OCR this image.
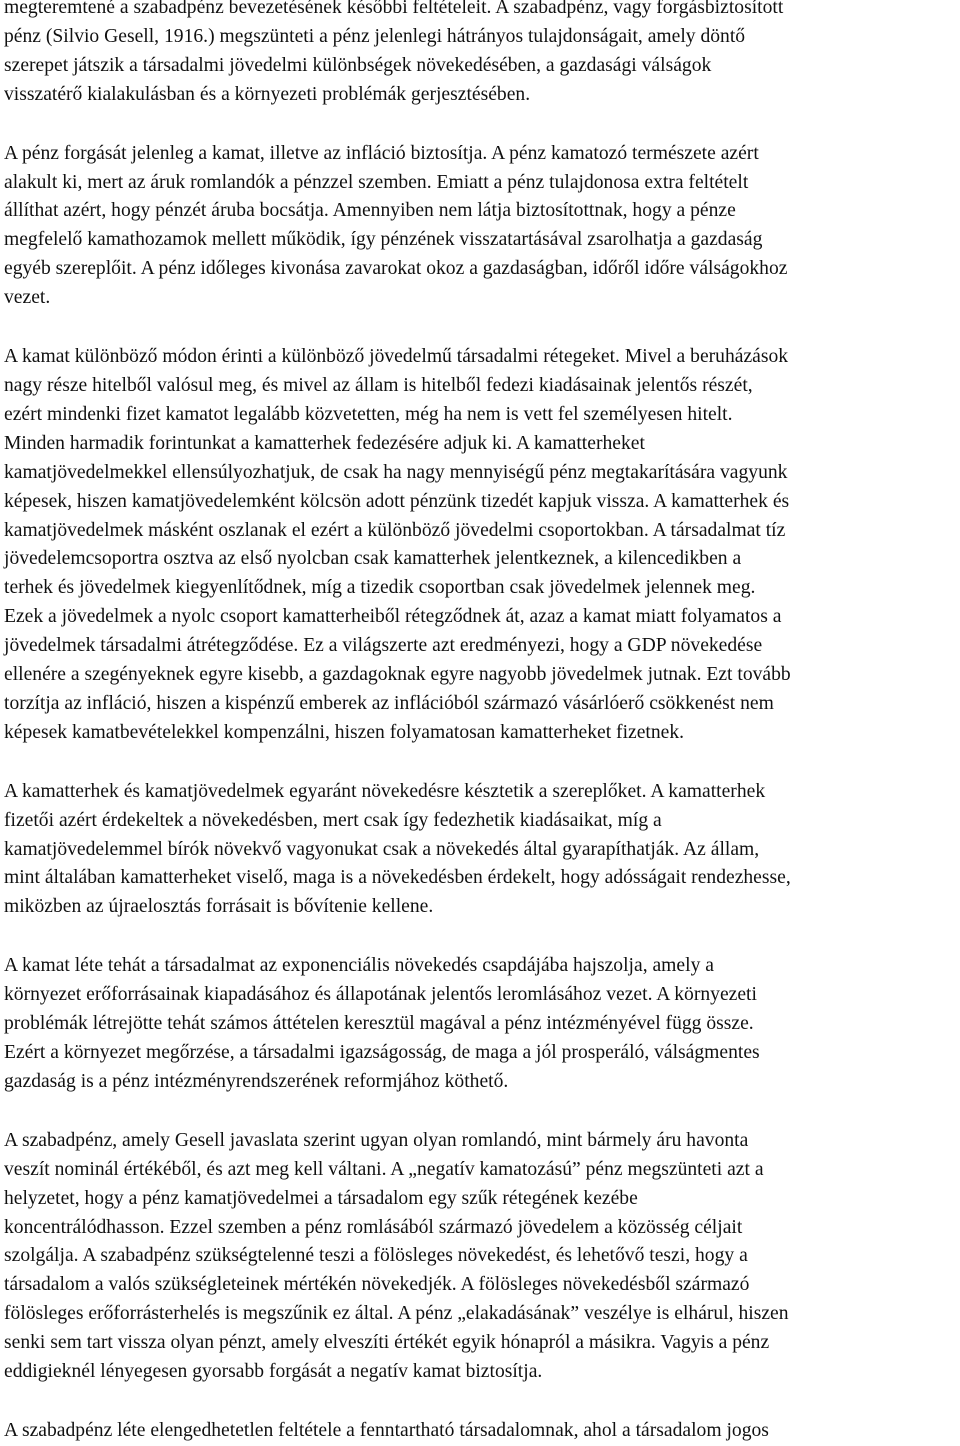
megteremtené a szabadpénz bevezetésének későbbi feltételeit. A szabadpénz, vagy forgásbiztosított
pénz (Silvio Gesell, 1916.) megszünteti a pénz jelenlegi hátrányos tulajdonságait, amely döntő
szerepet játszik a társadalmi jövedelmi különbségek növekedésében, a gazdasági válságok
visszatérő kialakulásban és a környezeti problémák gerjesztésében.

A pénz forgását jelenleg a kamat, illetve az infláció biztosítja. A pénz kamatozó természete azért
alakult ki, mert az áruk romlandók a pénzzel szemben. Emiatt a pénz tulajdonosa extra feltételt
állíthat azért, hogy pénzét áruba bocsátja. Amennyiben nem látja biztosítottnak, hogy a pénze
megfelelő kamathozamok mellett működik, így pénzének visszatartásával zsarolhatja a gazdaság
egyéb szereplőit. A pénz időleges kivonása zavarokat okoz a gazdaságban, időről időre válságokhoz
vezet.

A kamat különböző módon érinti a különböző jövedelmű társadalmi rétegeket. Mivel a beruházások
nagy része hitelből valósul meg, és mivel az állam is hitelből fedezi kiadásainak jelentős részét,
ezért mindenki fizet kamatot legalább közvetetten, még ha nem is vett fel személyesen hitelt.
Minden harmadik forintunkat a kamatterhek fedezésére adjuk ki. A kamatterheket
kamatjövedelmekkel ellensúlyozhatjuk, de csak ha nagy mennyiségű pénz megtakarítására vagyunk
képesek, hiszen kamatjövedelemként kölcsön adott pénzünk tizedét kapjuk vissza. A kamatterhek és
kamatjövedelmek másként oszlanak el ezért a különböző jövedelmi csoportokban. A társadalmat tíz
jövedelemcsoportra osztva az első nyolcban csak kamatterhek jelentkeznek, a kilencedikben a
terhek és jövedelmek kiegyenlítődnek, míg a tizedik csoportban csak jövedelmek jelennek meg.
Ezek a jövedelmek a nyolc csoport kamatterheiből rétegződnek át, azaz a kamat miatt folyamatos a
jövedelmek társadalmi átrétegződése. Ez a világszerte azt eredményezi, hogy a GDP növekedése
ellenére a szegényeknek egyre kisebb, a gazdagoknak egyre nagyobb jövedelmek jutnak. Ezt tovább
torzítja az infláció, hiszen a kispénzű emberek az inflációból származó vásárlóerő csökkenést nem
képesek kamatbevételekkel kompenzálni, hiszen folyamatosan kamatterheket fizetnek.

A kamatterhek és kamatjövedelmek egyaránt növekedésre késztetik a szereplőket. A kamatterhek
fizetői azért érdekeltek a növekedésben, mert csak így fedezhetik kiadásaikat, míg a
kamatjövedelemmel bírók növekvő vagyonukat csak a növekedés által gyarapíthatják. Az állam,
mint általában kamatterheket viselő, maga is a növekedésben érdekelt, hogy adósságait rendezhesse,
miközben az újraelosztás forrásait is bővítenie kellene.

A kamat léte tehát a társadalmat az exponenciális növekedés csapdájába hajszolja, amely a
környezet erőforrásainak kiapadásához és állapotának jelentős leromlásához vezet. A környezeti
problémák létrejötte tehát számos áttételen keresztül magával a pénz intézményével függ össze.
Ezért a környezet megőrzése, a társadalmi igazságosság, de maga a jól prosperáló, válságmentes
gazdaság is a pénz intézményrendszerének reformjához köthető.

A szabadpénz, amely Gesell javaslata szerint ugyan olyan romlandó, mint bármely áru havonta
veszít nominál értékéből, és azt meg kell váltani. A „negatív kamatozású” pénz megszünteti azt a
helyzetet, hogy a pénz kamatjövedelmei a társadalom egy szűk rétegének kezébe
koncentrálódhasson. Ezzel szemben a pénz romlásából származó jövedelem a közösség céljait
szolgálja. A szabadpénz szükségtelenné teszi a fölösleges növekedést, és lehetővő teszi, hogy a
társadalom a valós szükségleteinek mértékén növekedjék. A fölösleges növekedésből származó
fölösleges erőforrásterhelés is megszűnik ez által. A pénz „elakadásának” veszélye is elhárul, hiszen
senki sem tart vissza olyan pénzt, amely elveszíti értékét egyik hónapról a másikra. Vagyis a pénz
eddigieknél lényegesen gyorsabb forgását a negatív kamat biztosítja.

A szabadpénz léte elengedhetetlen feltétele a fenntartható társadalomnak, ahol a társadalom jogos
